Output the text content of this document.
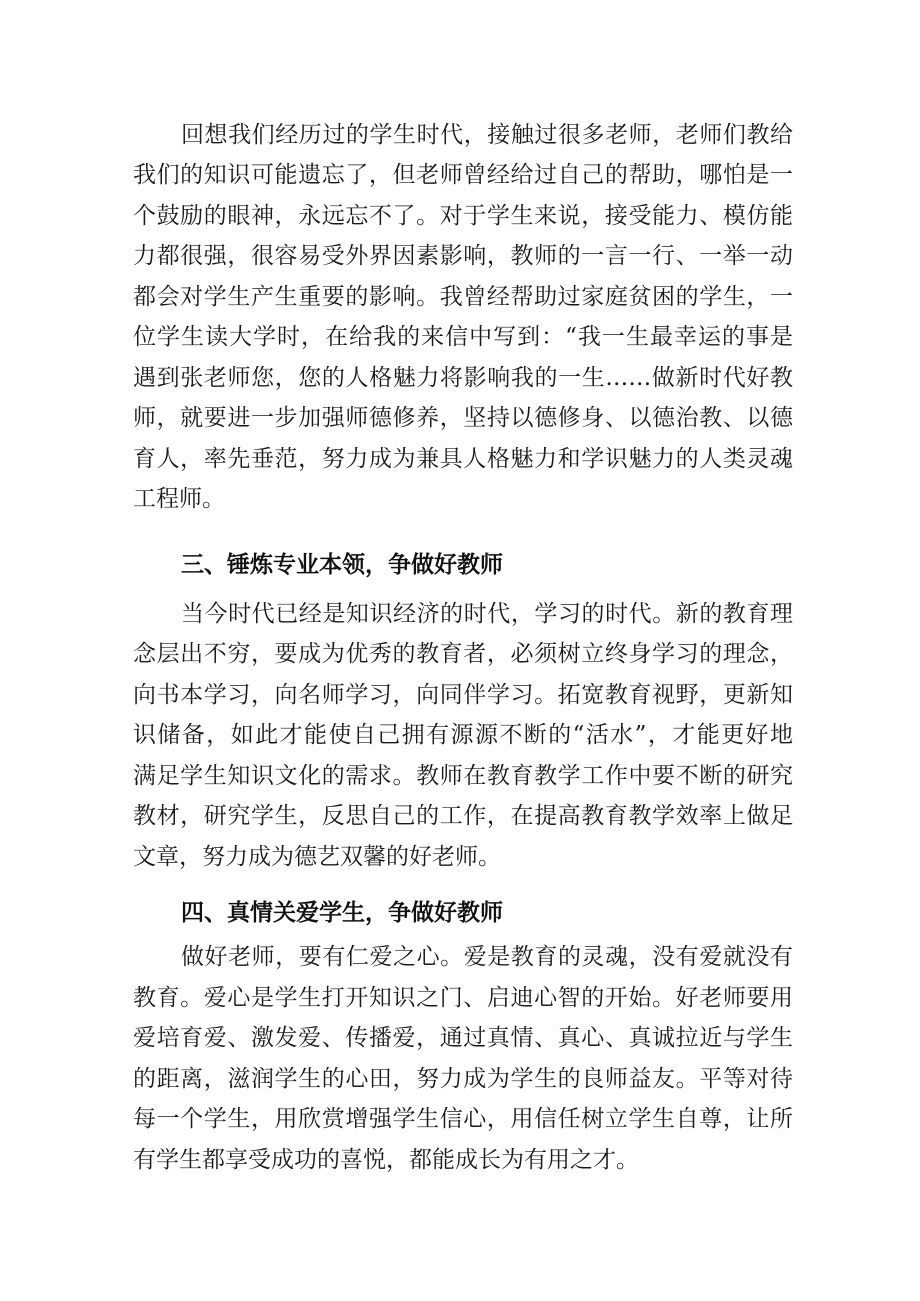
回想我们经历过的学生时代，接触过很多老师，老师们教给
我们的知识可能遗忘了，但老师曾经给过自己的帮助，哪怕是一
个鼓励的眼神，永远忘不了。对于学生来说，接受能力、模仿能
力都很强，很容易受外界因素影响，教师的一言一行、一举一动
都会对学生产生重要的影响。我曾经帮助过家庭贫困的学生，一
位学生读大学时，在给我的来信中写到：“我一生最幸运的事是
遇到张老师您，您的人格魅力将影响我的一生……做新时代好教
师，就要进一步加强师德修养，坚持以德修身、以德治教、以德
育人，率先垂范，努力成为兼具人格魅力和学识魅力的人类灵魂
工程师。
三、锤炼专业本领，争做好教师
当今时代已经是知识经济的时代，学习的时代。新的教育理
念层出不穷，要成为优秀的教育者，必须树立终身学习的理念，
向书本学习，向名师学习，向同伴学习。拓宽教育视野，更新知
识储备，如此才能使自己拥有源源不断的“活水”，才能更好地
满足学生知识文化的需求。教师在教育教学工作中要不断的研究
教材，研究学生，反思自己的工作，在提高教育教学效率上做足
文章，努力成为德艺双馨的好老师。
四、真情关爱学生，争做好教师
做好老师，要有仁爱之心。爱是教育的灵魂，没有爱就没有
教育。爱心是学生打开知识之门、启迪心智的开始。好老师要用
爱培育爱、激发爱、传播爱，通过真情、真心、真诚拉近与学生
的距离，滋润学生的心田，努力成为学生的良师益友。平等对待
每一个学生，用欣赏增强学生信心，用信任树立学生自尊，让所
有学生都享受成功的喜悦，都能成长为有用之才。
